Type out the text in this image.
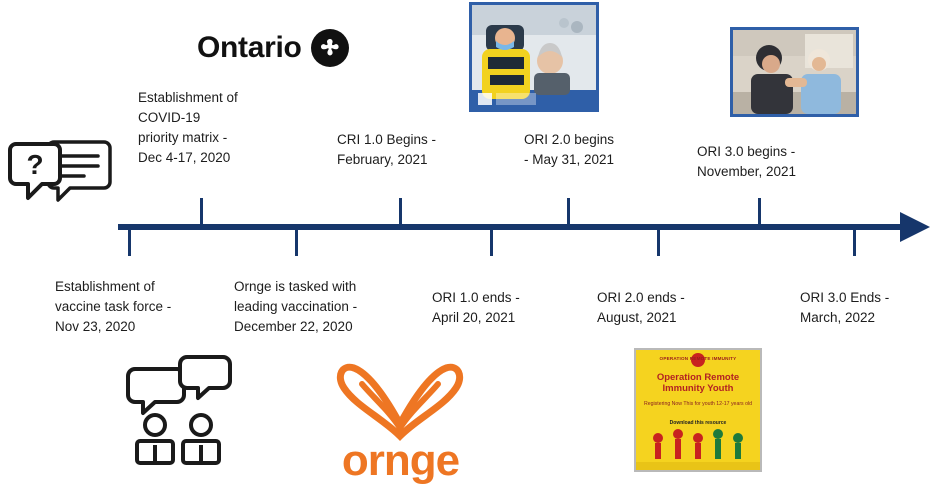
Establishment of
COVID-19
priority matrix -
Dec 4-17, 2020
CRI 1.0 Begins -
February, 2021
ORI 2.0 begins
- May 31, 2021
ORI 3.0 begins -
November, 2021
Establishment of
vaccine task force -
Nov 23, 2020
Ornge is tasked with
leading vaccination -
December 22, 2020
ORI 1.0 ends -
April 20, 2021
ORI 2.0 ends -
August, 2021
ORI 3.0 Ends -
March, 2022
Ontario
OPERATION REMOTE IMMUNITY
Operation Remote Immunity Youth
Registering Now This for youth 12-17 years old
Download this resource
ornge
?
